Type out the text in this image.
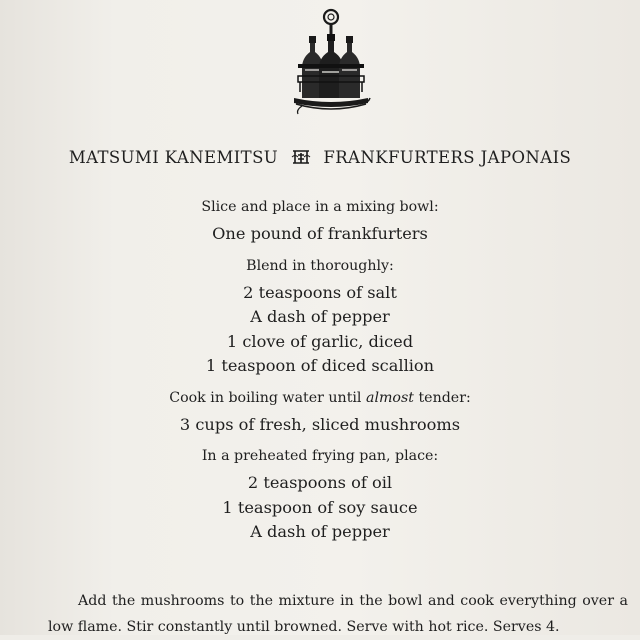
MATSUMI KANEMITSU	FRANKFURTERS JAPONAIS

Slice and place in a mixing bowl:

One pound of frankfurters

Blend in thoroughly:

2 teaspoons of salt

A dash of pepper

1 clove of garlic, diced

1 teaspoon of diced scallion

Cook in boiling water until almost tender:

3 cups of fresh, sliced mushrooms

In a preheated frying pan, place:

2 teaspoons of oil

1 teaspoon of soy sauce

A dash of pepper

Add the mushrooms to the mixture in the bowl and cook everything over a low flame. Stir constantly until browned. Serve with hot rice. Serves 4.
